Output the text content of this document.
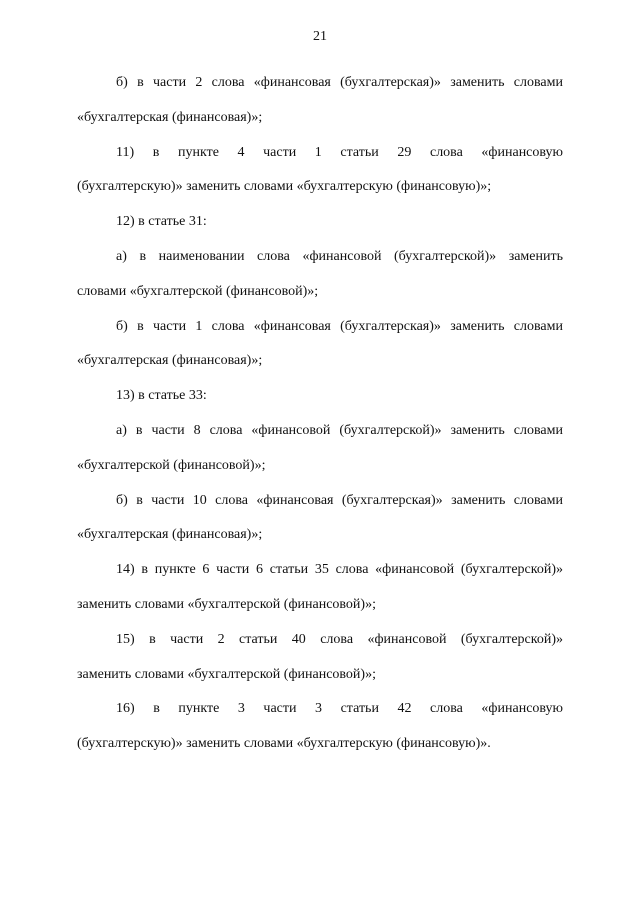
21

б) в части 2 слова «финансовая (бухгалтерская)» заменить словами
«бухгалтерская (финансовая)»;

11) в пункте 4 части 1 статьи 29 слова «финансовую
(бухгалтерскую)» заменить словами «бухгалтерскую (финансовую)»;

12) в статье 31:

а) в наименовании слова «финансовой (бухгалтерской)» заменить
словами «бухгалтерской (финансовой)»;

б) в части 1 слова «финансовая (бухгалтерская)» заменить словами
«бухгалтерская (финансовая)»;

13) в статье 33:

а) в части 8 слова «финансовой (бухгалтерской)» заменить словами
«бухгалтерской (финансовой)»;

б) в части 10 слова «финансовая (бухгалтерская)» заменить словами
«бухгалтерская (финансовая)»;

14) в пункте 6 части 6 статьи 35 слова «финансовой (бухгалтерской)»
заменить словами «бухгалтерской (финансовой)»;

15) в части 2 статьи 40 слова «финансовой (бухгалтерской)»
заменить словами «бухгалтерской (финансовой)»;

16) в пункте 3 части 3 статьи 42 слова «финансовую
(бухгалтерскую)» заменить словами «бухгалтерскую (финансовую)».
